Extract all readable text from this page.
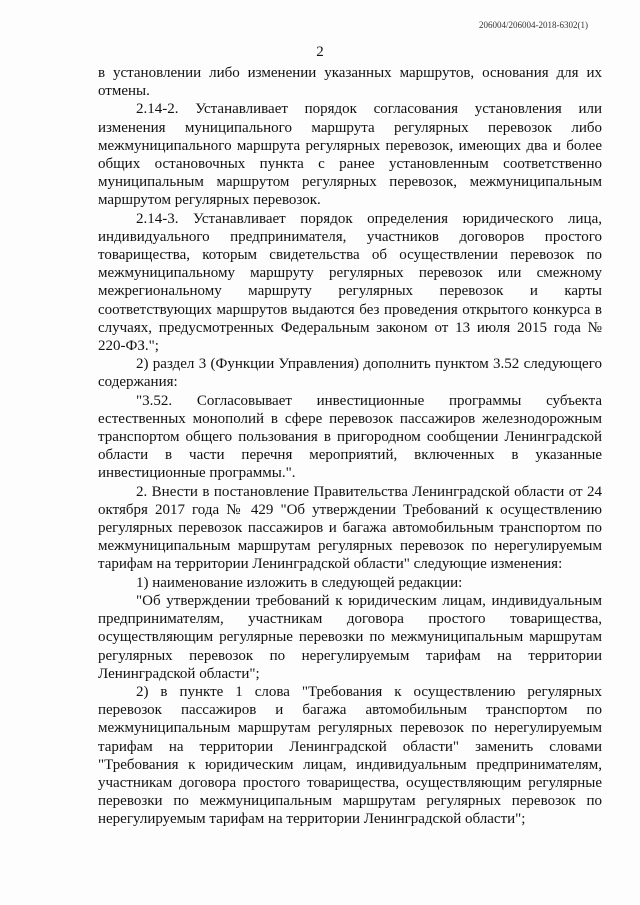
206004/206004-2018-6302(1)
2

в установлении либо изменении указанных маршрутов, основания для их отмены.

2.14-2. Устанавливает порядок согласования установления или изменения муниципального маршрута регулярных перевозок либо межмуниципального маршрута регулярных перевозок, имеющих два и более общих остановочных пункта с ранее установленным соответственно муниципальным маршрутом регулярных перевозок, межмуниципальным маршрутом регулярных перевозок.

2.14-3. Устанавливает порядок определения юридического лица, индивидуального предпринимателя, участников договоров простого товарищества, которым свидетельства об осуществлении перевозок по межмуниципальному маршруту регулярных перевозок или смежному межрегиональному маршруту регулярных перевозок и карты соответствующих маршрутов выдаются без проведения открытого конкурса в случаях, предусмотренных Федеральным законом от 13 июля 2015 года № 220-ФЗ.";

2) раздел 3 (Функции Управления) дополнить пунктом 3.52 следующего содержания:

"3.52. Согласовывает инвестиционные программы субъекта естественных монополий в сфере перевозок пассажиров железнодорожным транспортом общего пользования в пригородном сообщении Ленинградской области в части перечня мероприятий, включенных в указанные инвестиционные программы.".

2. Внести в постановление Правительства Ленинградской области от 24 октября 2017 года № 429 "Об утверждении Требований к осуществлению регулярных перевозок пассажиров и багажа автомобильным транспортом по межмуниципальным маршрутам регулярных перевозок по нерегулируемым тарифам на территории Ленинградской области" следующие изменения:

1) наименование изложить в следующей редакции:

"Об утверждении требований к юридическим лицам, индивидуальным предпринимателям, участникам договора простого товарищества, осуществляющим регулярные перевозки по межмуниципальным маршрутам регулярных перевозок по нерегулируемым тарифам на территории Ленинградской области";

2) в пункте 1 слова "Требования к осуществлению регулярных перевозок пассажиров и багажа автомобильным транспортом по межмуниципальным маршрутам регулярных перевозок по нерегулируемым тарифам на территории Ленинградской области" заменить словами "Требования к юридическим лицам, индивидуальным предпринимателям, участникам договора простого товарищества, осуществляющим регулярные перевозки по межмуниципальным маршрутам регулярных перевозок по нерегулируемым тарифам на территории Ленинградской области";
